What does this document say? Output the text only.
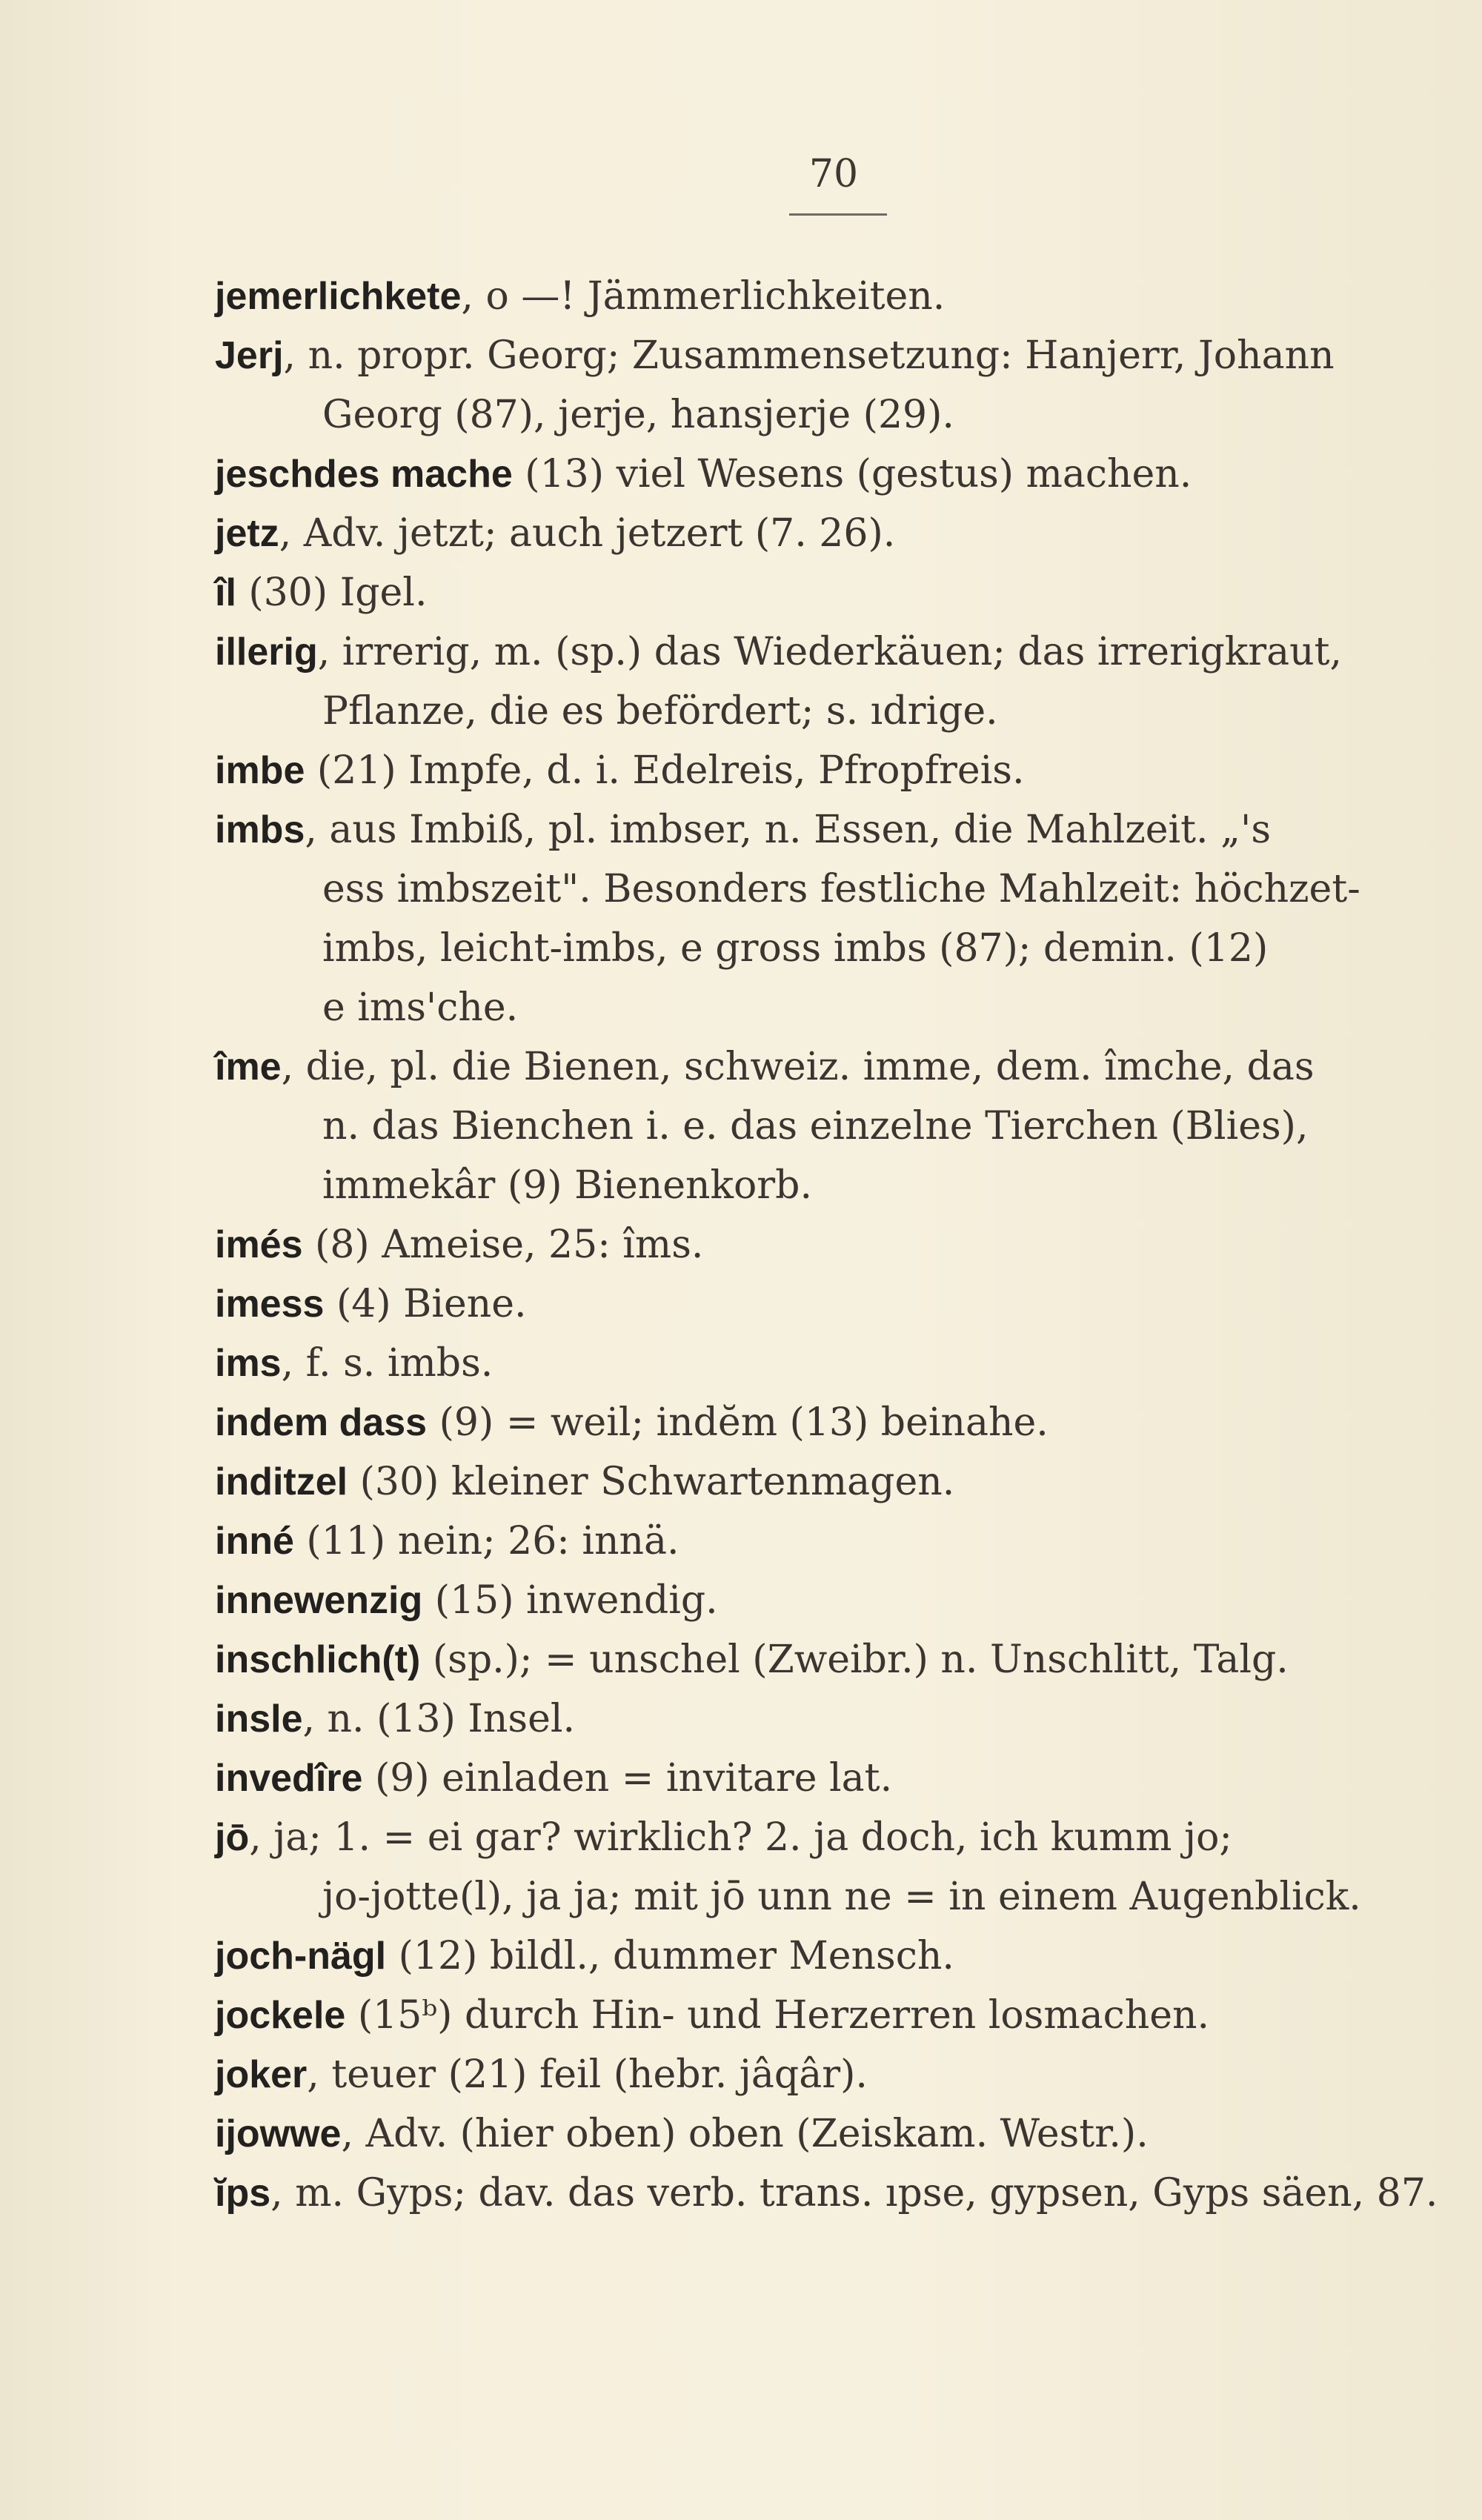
70

jemerlichkete, o —! Jämmerlichkeiten.

Jerj, n. propr. Georg; Zusammensetzung: Hanjerr, Johann
Georg (87), jerje, hansjerje (29).

jeschdes mache (13) viel Wesens (gestus) machen.

jetz, Adv. jetzt; auch jetzert (7. 26).

îl (30) Igel.

illerig, irrerig, m. (sp.) das Wiederkäuen; das irrerigkraut,
Pflanze, die es befördert; s. ıdrige.

imbe (21) Impfe, d. i. Edelreis, Pfropfreis.

imbs, aus Imbiß, pl. imbser, n. Essen, die Mahlzeit. „'s
ess imbszeit". Besonders festliche Mahlzeit: höchzet-
imbs, leicht-imbs, e gross imbs (87); demin. (12)
e ims'che.

îme, die, pl. die Bienen, schweiz. imme, dem. îmche, das
n. das Bienchen i. e. das einzelne Tierchen (Blies),
immekâr (9) Bienenkorb.

imés (8) Ameise, 25: îms.

imess (4) Biene.

ims, f. s. imbs.

indem dass (9) = weil; indĕm (13) beinahe.

inditzel (30) kleiner Schwartenmagen.

inné (11) nein; 26: innä.

innewenzig (15) inwendig.

inschlich(t) (sp.); = unschel (Zweibr.) n. Unschlitt, Talg.

insle, n. (13) Insel.

invedîre (9) einladen = invitare lat.

jō, ja; 1. = ei gar? wirklich? 2. ja doch, ich kumm jo;
jo-jotte(l), ja ja; mit jō unn ne = in einem Augenblick.

joch-nägl (12) bildl., dummer Mensch.

jockele (15ᵇ) durch Hin- und Herzerren losmachen.

joker, teuer (21) feil (hebr. jâqâr).

ijowwe, Adv. (hier oben) oben (Zeiskam. Westr.).

ĭps, m. Gyps; dav. das verb. trans. ıpse, gypsen, Gyps säen, 87.
